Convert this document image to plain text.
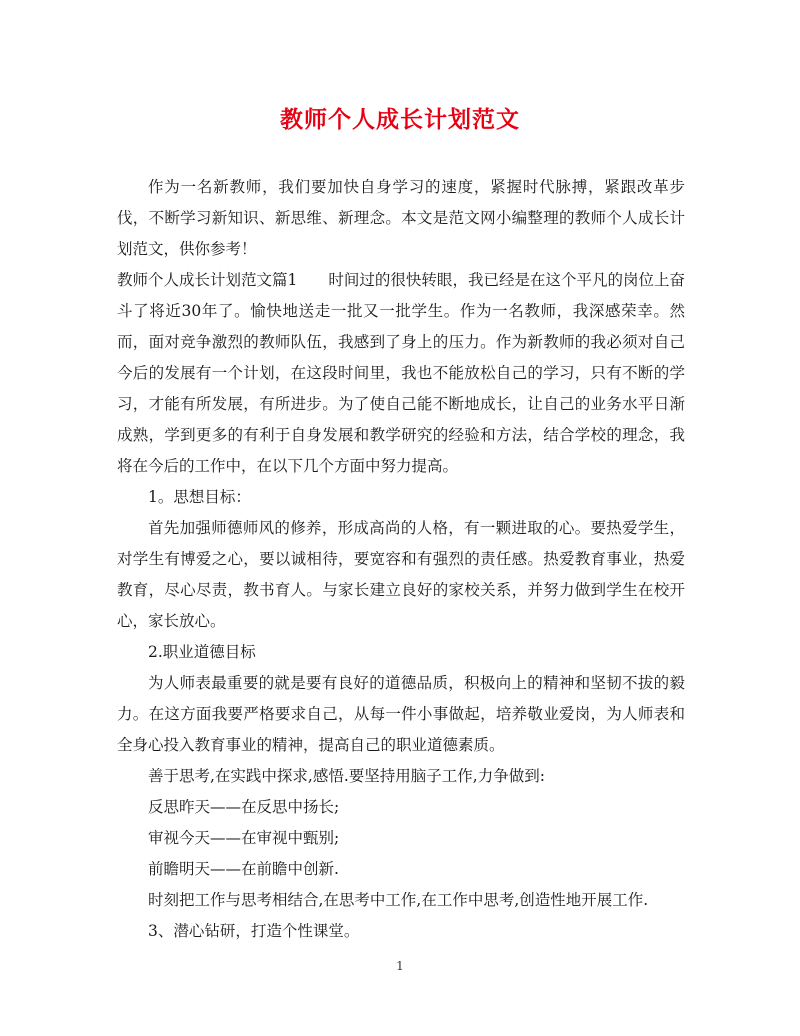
教师个人成长计划范文

作为一名新教师，我们要加快自身学习的速度，紧握时代脉搏，紧跟改革步伐，不断学习新知识、新思维、新理念。本文是范文网小编整理的教师个人成长计划范文，供你参考！

教师个人成长计划范文篇1　　时间过的很快转眼，我已经是在这个平凡的岗位上奋斗了将近30年了。愉快地送走一批又一批学生。作为一名教师，我深感荣幸。然而，面对竞争激烈的教师队伍，我感到了身上的压力。作为新教师的我必须对自己今后的发展有一个计划，在这段时间里，我也不能放松自己的学习，只有不断的学习，才能有所发展，有所进步。为了使自己能不断地成长，让自己的业务水平日渐成熟，学到更多的有利于自身发展和教学研究的经验和方法，结合学校的理念，我将在今后的工作中，在以下几个方面中努力提高。

1。思想目标：

首先加强师德师风的修养，形成高尚的人格，有一颗进取的心。要热爱学生，对学生有博爱之心，要以诚相待，要宽容和有强烈的责任感。热爱教育事业，热爱教育，尽心尽责，教书育人。与家长建立良好的家校关系，并努力做到学生在校开心，家长放心。

2.职业道德目标

为人师表最重要的就是要有良好的道德品质，积极向上的精神和坚韧不拔的毅力。在这方面我要严格要求自己，从每一件小事做起，培养敬业爱岗，为人师表和全身心投入教育事业的精神，提高自己的职业道德素质。

善于思考,在实践中探求,感悟.要坚持用脑子工作,力争做到:

反思昨天——在反思中扬长;

审视今天——在审视中甄别;

前瞻明天——在前瞻中创新.

时刻把工作与思考相结合,在思考中工作,在工作中思考,创造性地开展工作.

3、潜心钻研，打造个性课堂。

1
